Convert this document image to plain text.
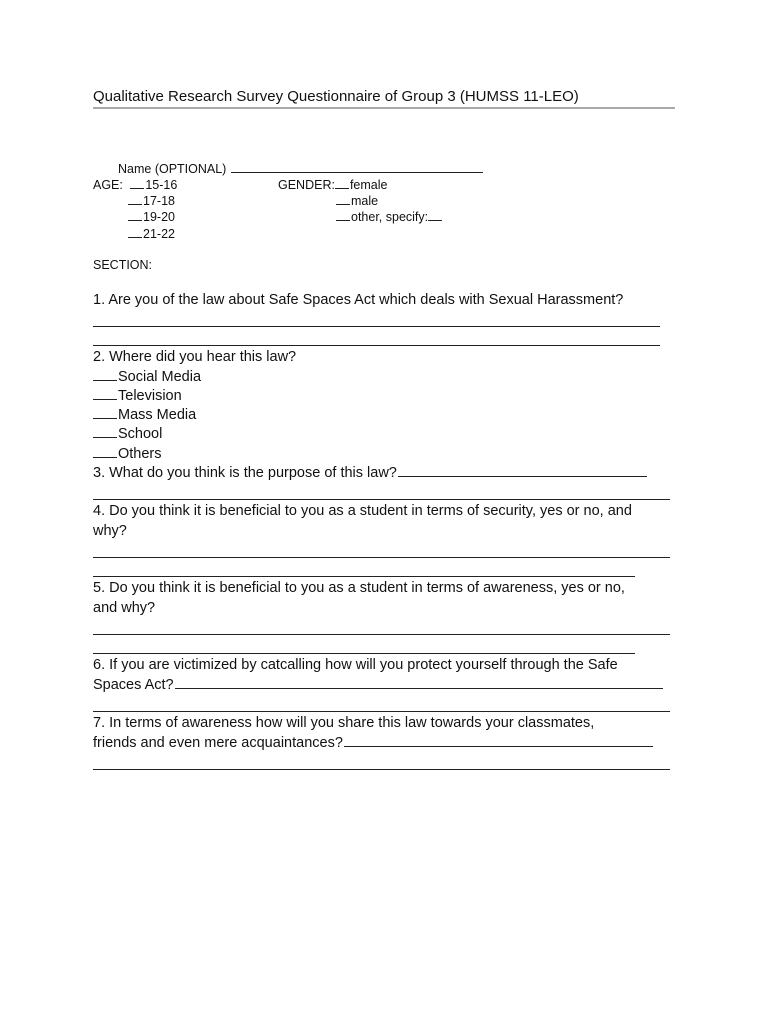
Qualitative Research Survey Questionnaire of Group 3 (HUMSS 11-LEO)
Name (OPTIONAL)
AGE: 15-16
17-18
19-20
21-22
GENDER: female
male
other, specify:
SECTION:
1. Are you of the law about Safe Spaces Act which deals with Sexual Harassment?
2. Where did you hear this law?
Social Media
Television
Mass Media
School
Others
3. What do you think is the purpose of this law?
4. Do you think it is beneficial to you as a student in terms of security, yes or no, and
why?
5. Do you think it is beneficial to you as a student in terms of awareness, yes or no,
and why?
6. If you are victimized by catcalling how will you protect yourself through the Safe
Spaces Act?
7. In terms of awareness how will you share this law towards your classmates,
friends and even mere acquaintances?
